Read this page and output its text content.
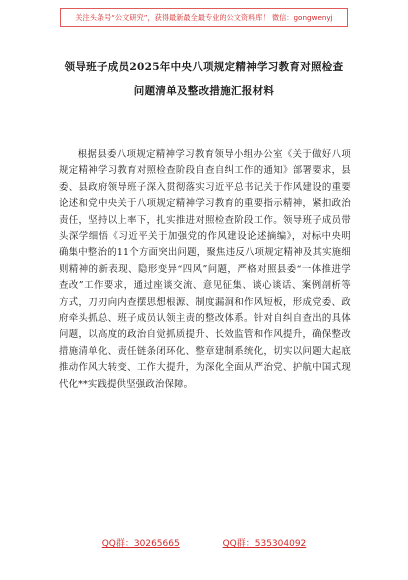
关注头条号“公文研究”，获得最新最全最专业的公文资料库！ 微信：gongwenyj
领导班子成员2025年中央八项规定精神学习教育对照检查
问题清单及整改措施汇报材料
根据县委八项规定精神学习教育领导小组办公室《关于做好八项规定精神学习教育对照检查阶段自查自纠工作的通知》部署要求，县委、县政府领导班子深入贯彻落实习近平总书记关于作风建设的重要论述和党中央关于八项规定精神学习教育的重要指示精神，紧扣政治责任，坚持以上率下，扎实推进对照检查阶段工作。领导班子成员带头深学细悟《习近平关于加强党的作风建设论述摘编》，对标中央明确集中整治的11个方面突出问题，聚焦违反八项规定精神及其实施细则精神的新表现、隐形变异“四风”问题，严格对照县委“一体推进学查改”工作要求，通过座谈交流、意见征集、谈心谈话、案例剖析等方式，刀刃向内查摆思想根源、制度漏洞和作风短板，形成党委、政府牵头抓总、班子成员认领主责的整改体系。针对自纠自查出的具体问题，以高度的政治自觉抓质提升、长效监管和作风提升，确保整改措施清单化、责任链条闭环化、整章建制系统化，切实以问题大起底推动作风大转变、工作大提升，为深化全面从严治党、护航中国式现代化**实践提供坚强政治保障。
QQ群：30265665	QQ群：535304092
